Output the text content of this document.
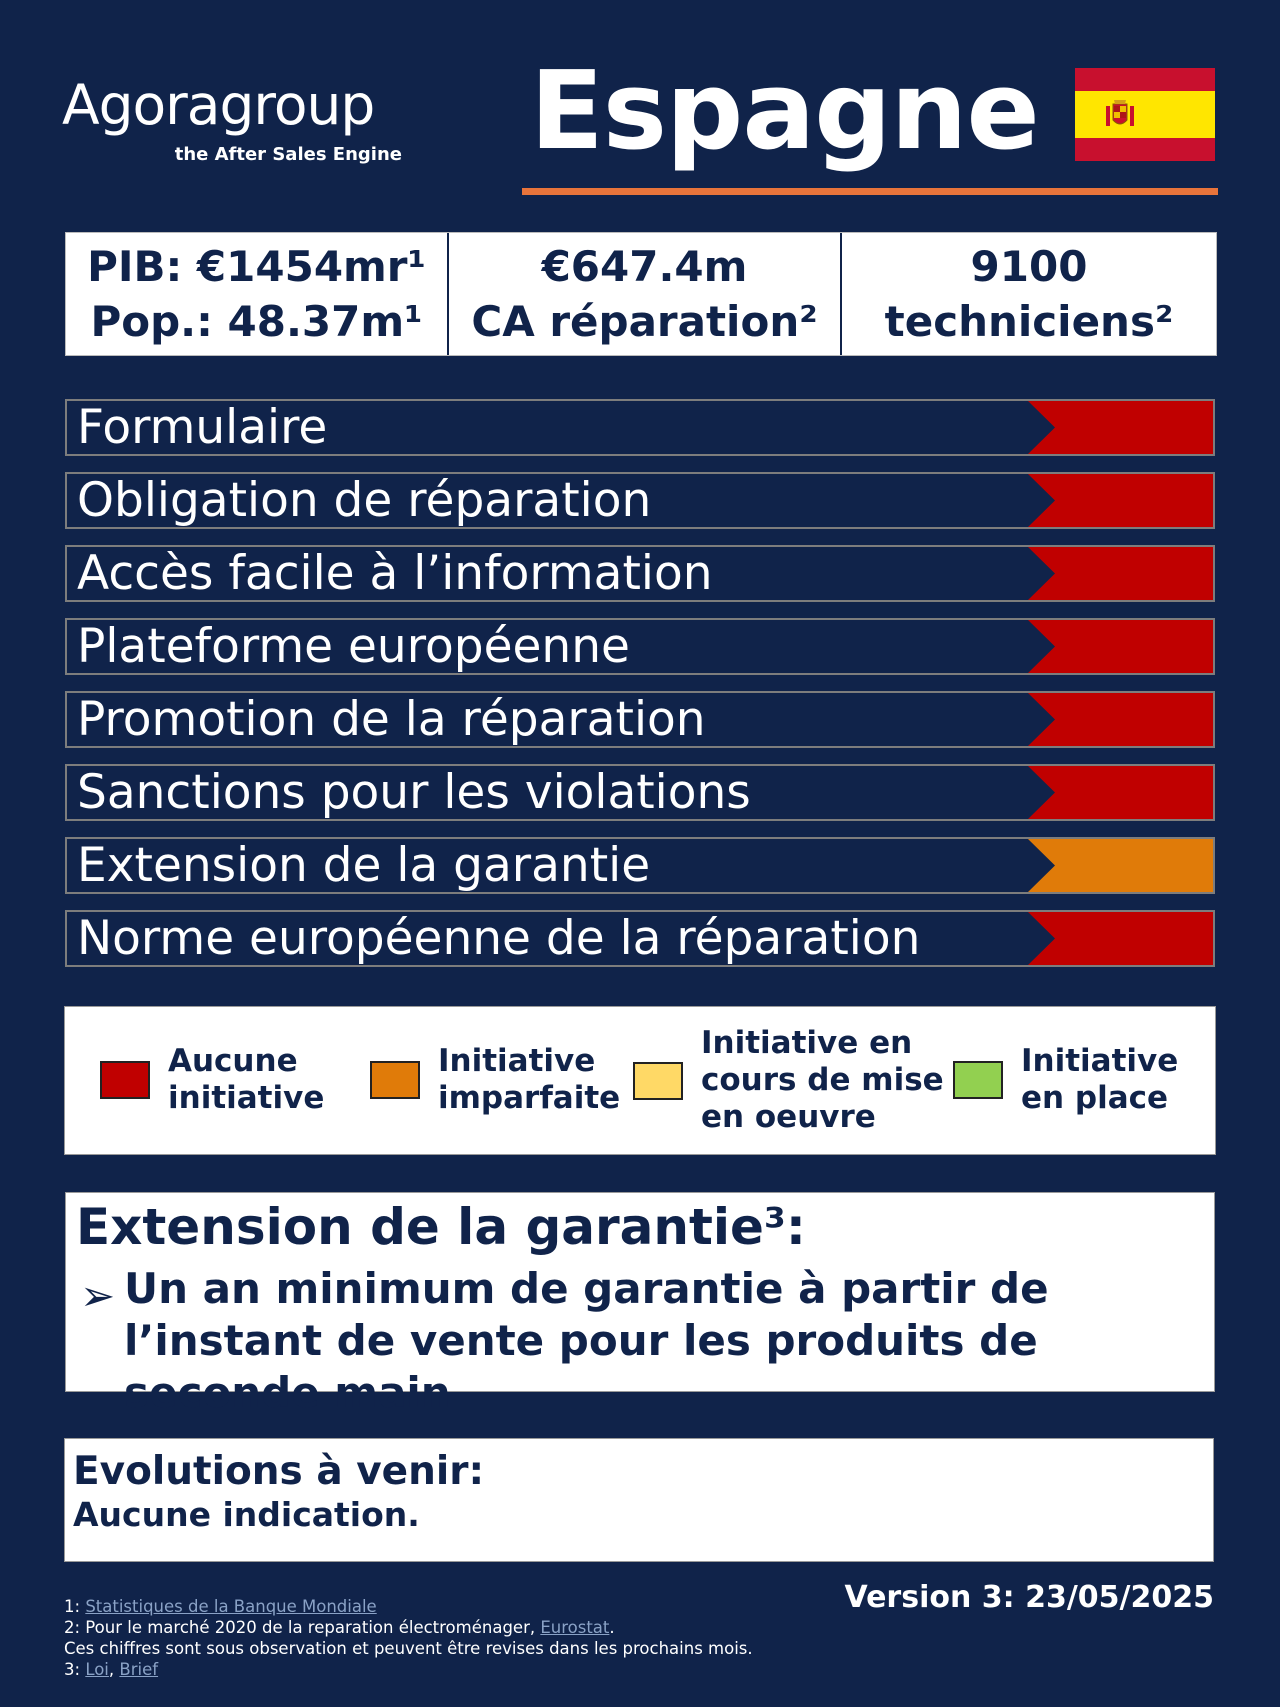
Agoragroup
the After Sales Engine Espagne
PIB: €1454mr¹
Pop.: 48.37m¹
€647.4m
CA réparation²
9100
techniciens²
Formulaire
Obligation de réparation
Accès facile à l’information
Plateforme européenne
Promotion de la réparation
Sanctions pour les violations
Extension de la garantie
Norme européenne de la réparation
Aucune
initiative
Initiative
imparfaite
Initiative en
cours de mise
en oeuvre
Initiative
en place
Extension de la garantie³:
➢ Un an minimum de garantie à partir de l’instant de vente pour les produits de seconde main
Evolutions à venir:
Aucune indication.
Version 3: 23/05/2025
1: Statistiques de la Banque Mondiale
2: Pour le marché 2020 de la reparation électroménager, Eurostat.
Ces chiffres sont sous observation et peuvent être revises dans les prochains mois.
3: Loi, Brief
